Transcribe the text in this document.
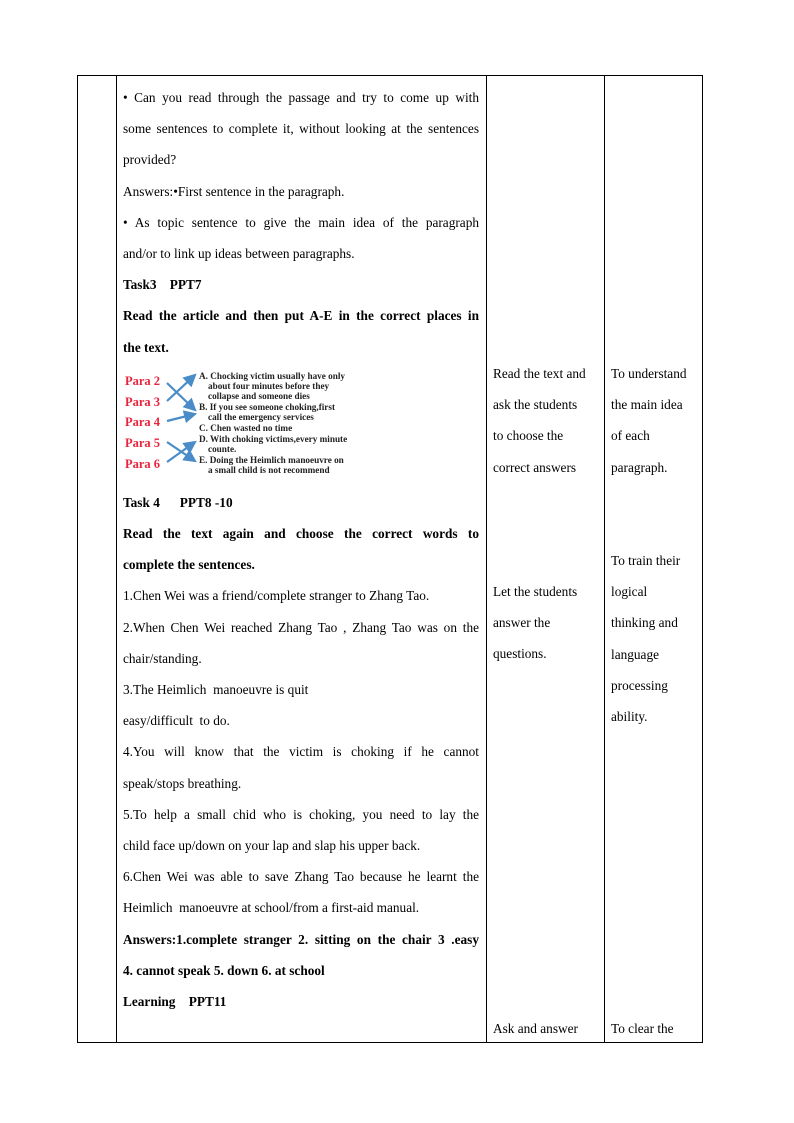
• Can you read through the passage and try to come up with
some sentences to complete it, without looking at the sentences
provided?
Answers:•First sentence in the paragraph.
• As topic sentence to give the main idea of the paragraph
and/or to link up ideas between paragraphs.
Task3    PPT7
Read the article and then put A-E in the correct places in
the text.
Para 2
Para 3
Para 4
Para 5
Para 6
A. Chocking victim usually have only
about four minutes before they
collapse and someone dies
B. If you see someone choking,first
call the emergency services
C. Chen wasted no time
D. With choking victims,every minute
counte.
E. Doing the Heimlich manoeuvre on
a small child is not recommend
Task 4      PPT8 -10
Read the text again and choose the correct words to
complete the sentences.
1.Chen Wei was a friend/complete stranger to Zhang Tao.
2.When Chen Wei reached Zhang Tao , Zhang Tao was on the
chair/standing.
3.The Heimlich  manoeuvre is quit
easy/difficult  to do.
4.You will know that the victim is choking if he cannot
speak/stops breathing.
5.To help a small chid who is choking, you need to lay the
child face up/down on your lap and slap his upper back.
6.Chen Wei was able to save Zhang Tao because he learnt the
Heimlich  manoeuvre at school/from a first-aid manual.
Answers:1.complete stranger 2. sitting on the chair 3 .easy
4. cannot speak 5. down 6. at school
Learning    PPT11
Read the text and
ask the students
to choose the
correct answers
Let the students
answer the
questions.
Ask and answer
To understand
the main idea
of each
paragraph.
To train their
logical
thinking and
language
processing
ability.
To clear the
